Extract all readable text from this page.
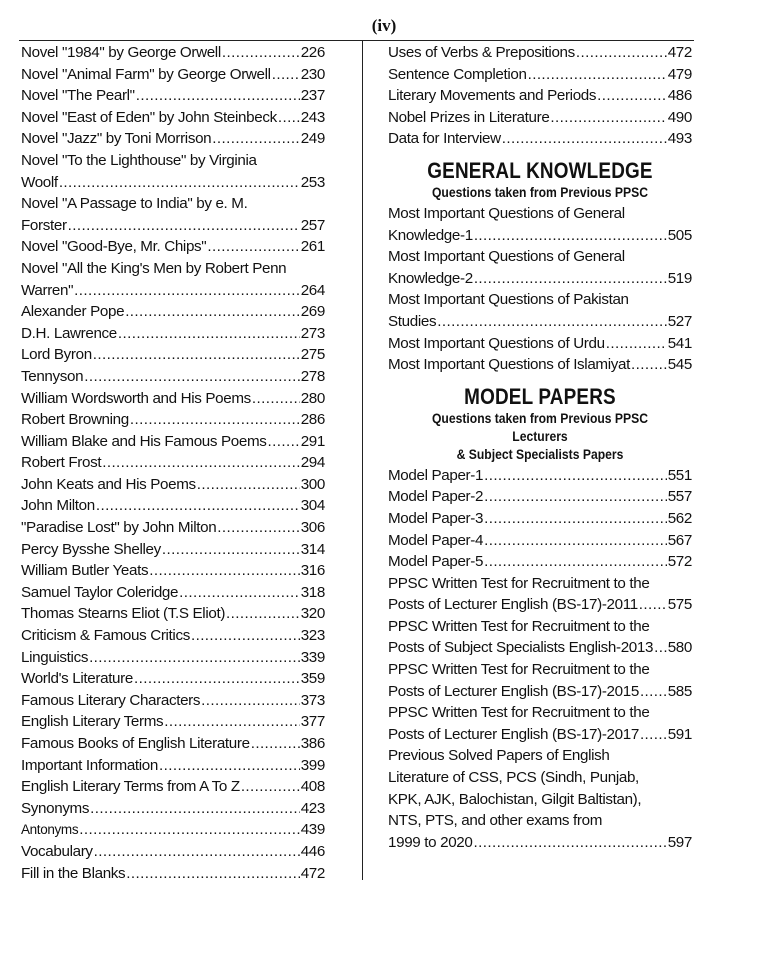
(iv)
Novel "1984" by George Orwell .....	226
Novel "Animal Farm" by George Orwell ..... 230
Novel "The Pearl" .....	237
Novel "East of Eden" by John Steinbeck ..... 243
Novel "Jazz" by Toni Morrison .....	249
Novel "To the Lighthouse" by Virginia
Woolf .....	253
Novel "A Passage to India" by e. M.
Forster .....	257
Novel "Good-Bye, Mr. Chips" .....	261
Novel "All the King's Men by Robert Penn
Warren" .....	264
Alexander Pope .....	269
D.H. Lawrence .....	273
Lord Byron .....	275
Tennyson .....	278
William Wordsworth and His Poems .....	280
Robert Browning .....	286
William Blake and His Famous Poems ..... 291
Robert Frost .....	294
John Keats and His Poems .....	300
John Milton .....	304
"Paradise Lost" by John Milton .....	306
Percy Bysshe Shelley .....	314
William Butler Yeats .....	316
Samuel Taylor Coleridge .....	318
Thomas Stearns Eliot (T.S Eliot) .....	320
Criticism & Famous Critics .....	323
Linguistics .....	339
World's Literature .....	359
Famous Literary Characters .....	373
English Literary Terms .....	377
Famous Books of English Literature .....	386
Important Information .....	399
English Literary Terms from A To Z .....	408
Synonyms .....	423
Antonyms .....	439
Vocabulary .....	446
Fill in the Blanks .....	472
Uses of Verbs & Prepositions .....	472
Sentence Completion .....	479
Literary Movements and Periods .....	486
Nobel Prizes in Literature .....	490
Data for Interview .....	493
GENERAL KNOWLEDGE
Questions taken from Previous PPSC
Most Important Questions of General
Knowledge-1 .....	505
Most Important Questions of General
Knowledge-2 .....	519
Most Important Questions of Pakistan
Studies .....	527
Most Important Questions of Urdu .....	541
Most Important Questions of Islamiyat ..... 545
MODEL PAPERS
Questions taken from Previous PPSC Lecturers
& Subject Specialists Papers
Model Paper-1 .....	551
Model Paper-2 .....	557
Model Paper-3 .....	562
Model Paper-4 .....	567
Model Paper-5 .....	572
PPSC Written Test for Recruitment to the
Posts of Lecturer English (BS-17)-2011 ..... 575
PPSC Written Test for Recruitment to the
Posts of Subject Specialists English-2013 ..... 580
PPSC Written Test for Recruitment to the
Posts of Lecturer English (BS-17)-2015 ..... 585
PPSC Written Test for Recruitment to the
Posts of Lecturer English (BS-17)-2017 ..... 591
Previous Solved Papers of English
Literature of CSS, PCS (Sindh, Punjab,
KPK, AJK, Balochistan, Gilgit Baltistan),
NTS, PTS, and other exams from
1999 to 2020 .....	597
